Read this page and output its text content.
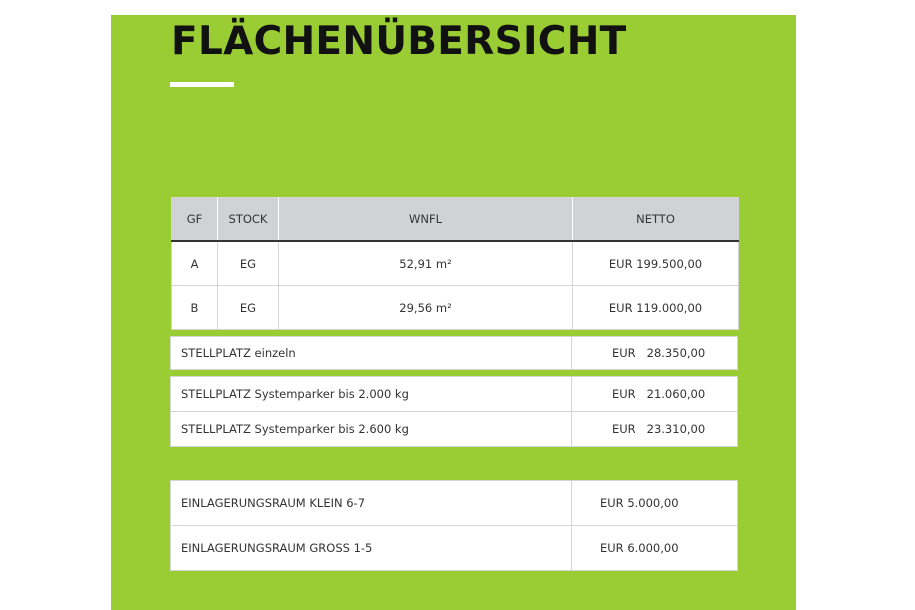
FLÄCHENÜBERSICHT
GF	STOCK	WNFL	NETTO
A	EG	52,91 m²	EUR 199.500,00
B	EG	29,56 m²	EUR 119.000,00
STELLPLATZ einzeln	EUR   28.350,00
STELLPLATZ Systemparker bis 2.000 kg	EUR   21.060,00
STELLPLATZ Systemparker bis 2.600 kg	EUR   23.310,00
EINLAGERUNGSRAUM KLEIN 6-7	EUR 5.000,00
EINLAGERUNGSRAUM GROSS 1-5	EUR 6.000,00
